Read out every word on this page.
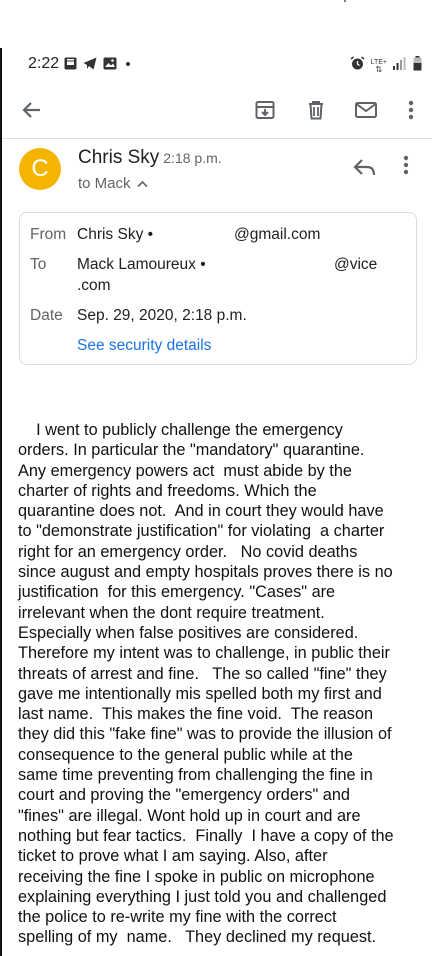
2:22	LTE+
⇅
C	Chris Sky 2:18 p.m.
to Mack
From Chris Sky •	@gmail.com
To Mack Lamoureux •	@vice
.com
Date Sep. 29, 2020, 2:18 p.m.
See security details
I went to publicly challenge the emergency
orders. In particular the "mandatory" quarantine.
Any emergency powers act  must abide by the
charter of rights and freedoms. Which the
quarantine does not.  And in court they would have
to "demonstrate justification" for violating  a charter
right for an emergency order.   No covid deaths
since august and empty hospitals proves there is no
justification  for this emergency. "Cases" are
irrelevant when the dont require treatment.
Especially when false positives are considered.
Therefore my intent was to challenge, in public their
threats of arrest and fine.   The so called "fine" they
gave me intentionally mis spelled both my first and
last name.  This makes the fine void.  The reason
they did this "fake fine" was to provide the illusion of
consequence to the general public while at the
same time preventing from challenging the fine in
court and proving the "emergency orders" and
"fines" are illegal. Wont hold up in court and are
nothing but fear tactics.  Finally  I have a copy of the
ticket to prove what I am saying. Also, after
receiving the fine I spoke in public on microphone
explaining everything I just told you and challenged
the police to re-write my fine with the correct
spelling of my  name.   They declined my request.
